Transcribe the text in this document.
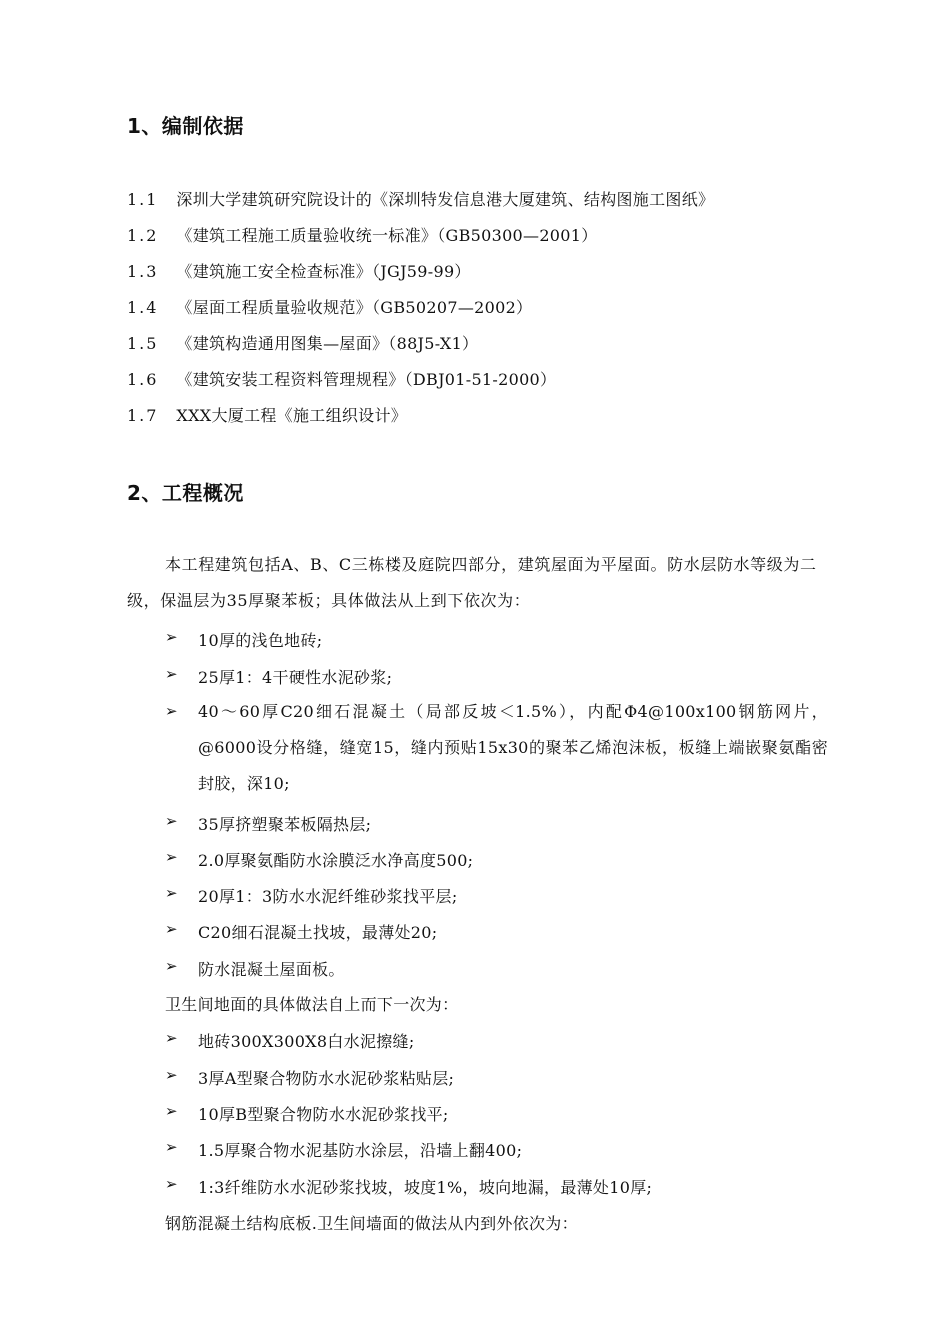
1、编制依据
1.1 深圳大学建筑研究院设计的《深圳特发信息港大厦建筑、结构图施工图纸》
1.2 《建筑工程施工质量验收统一标准》（GB50300—2001）
1.3 《建筑施工安全检查标准》（JGJ59-99）
1.4 《屋面工程质量验收规范》（GB50207—2002）
1.5 《建筑构造通用图集—屋面》（88J5-X1）
1.6 《建筑安装工程资料管理规程》（DBJ01-51-2000）
1.7 XXX大厦工程《施工组织设计》
2、工程概况
本工程建筑包括A、B、C三栋楼及庭院四部分，建筑屋面为平屋面。防水层防水等级为二级，保温层为35厚聚苯板；具体做法从上到下依次为：
➢	10厚的浅色地砖;
➢	25厚1：4干硬性水泥砂浆;
➢	40～60厚C20细石混凝土（局部反坡＜1.5%），内配Φ4@100x100钢筋网片，@6000设分格缝，缝宽15，缝内预贴15x30的聚苯乙烯泡沫板，板缝上端嵌聚氨酯密封胶，深10;
➢	35厚挤塑聚苯板隔热层;
➢	2.0厚聚氨酯防水涂膜泛水净高度500;
➢	20厚1：3防水水泥纤维砂浆找平层;
➢	C20细石混凝土找坡，最薄处20;
➢	防水混凝土屋面板。
卫生间地面的具体做法自上而下一次为：
➢	地砖300X300X8白水泥擦缝;
➢	3厚A型聚合物防水水泥砂浆粘贴层;
➢	10厚B型聚合物防水水泥砂浆找平;
➢	1.5厚聚合物水泥基防水涂层，沿墙上翻400;
➢	1:3纤维防水水泥砂浆找坡，坡度1%，坡向地漏，最薄处10厚;
钢筋混凝土结构底板.卫生间墙面的做法从内到外依次为：
